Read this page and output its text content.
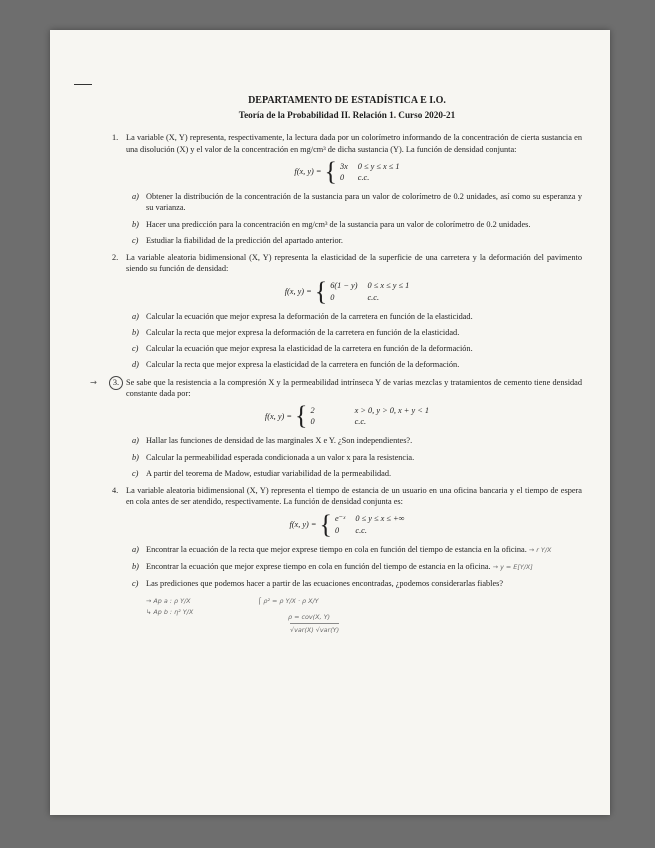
DEPARTAMENTO DE ESTADÍSTICA E I.O.
Teoría de la Probabilidad II. Relación 1. Curso 2020-21
1. La variable (X, Y) representa, respectivamente, la lectura dada por un colorímetro informando de la concentración de cierta sustancia en una disolución (X) y el valor de la concentración en mg/cm³ de dicha sustancia (Y). La función de densidad conjunta:
f(x, y) = { 3x 0 ≤ y ≤ x ≤ 1
0	c.c.
a) Obtener la distribución de la concentración de la sustancia para un valor de colorímetro de 0.2 unidades, así como su esperanza y su varianza.
b) Hacer una predicción para la concentración en mg/cm³ de la sustancia para un valor de colorímetro de 0.2 unidades.
c) Estudiar la fiabilidad de la predicción del apartado anterior.
2. La variable aleatoria bidimensional (X, Y) representa la elasticidad de la superficie de una carretera y la deformación del pavimento siendo su función de densidad:
f(x, y) = { 6(1 − y) 0 ≤ x ≤ y ≤ 1
0	c.c.
a) Calcular la ecuación que mejor expresa la deformación de la carretera en función de la elasticidad.
b) Calcular la recta que mejor expresa la deformación de la carretera en función de la elasticidad.
c) Calcular la ecuación que mejor expresa la elasticidad de la carretera en función de la deformación.
d) Calcular la recta que mejor expresa la elasticidad de la carretera en función de la deformación.
→	3. Se sabe que la resistencia a la compresión X y la permeabilidad intrínseca Y de varias mezclas y tratamientos de cemento tiene densidad constante dada por:
f(x, y) = { 2	x > 0, y > 0, x + y < 1
0	c.c.
a) Hallar las funciones de densidad de las marginales X e Y. ¿Son independientes?.
b) Calcular la permeabilidad esperada condicionada a un valor x para la resistencia.
c) A partir del teorema de Madow, estudiar variabilidad de la permeabilidad.
4. La variable aleatoria bidimensional (X, Y) representa el tiempo de estancia de un usuario en una oficina bancaria y el tiempo de espera en cola antes de ser atendido, respectivamente. La función de densidad conjunta es:
f(x, y) = { e⁻ˣ 0 ≤ y ≤ x ≤ +∞
0	c.c.
a) Encontrar la ecuación de la recta que mejor exprese tiempo en cola en función del tiempo de estancia en la oficina. → r Y/X
b) Encontrar la ecuación que mejor exprese tiempo en cola en función del tiempo de estancia en la oficina. → y = E[Y/X]
c) Las prediciones que podemos hacer a partir de las ecuaciones encontradas, ¿podemos considerarlas fiables?
→ Ap a : ρ Y/X
↳ Ap b : η² Y/X
⌠ ρ² = ρ Y/X · ρ X/Y
ρ = cov(X, Y)
√var(X) √var(Y)
